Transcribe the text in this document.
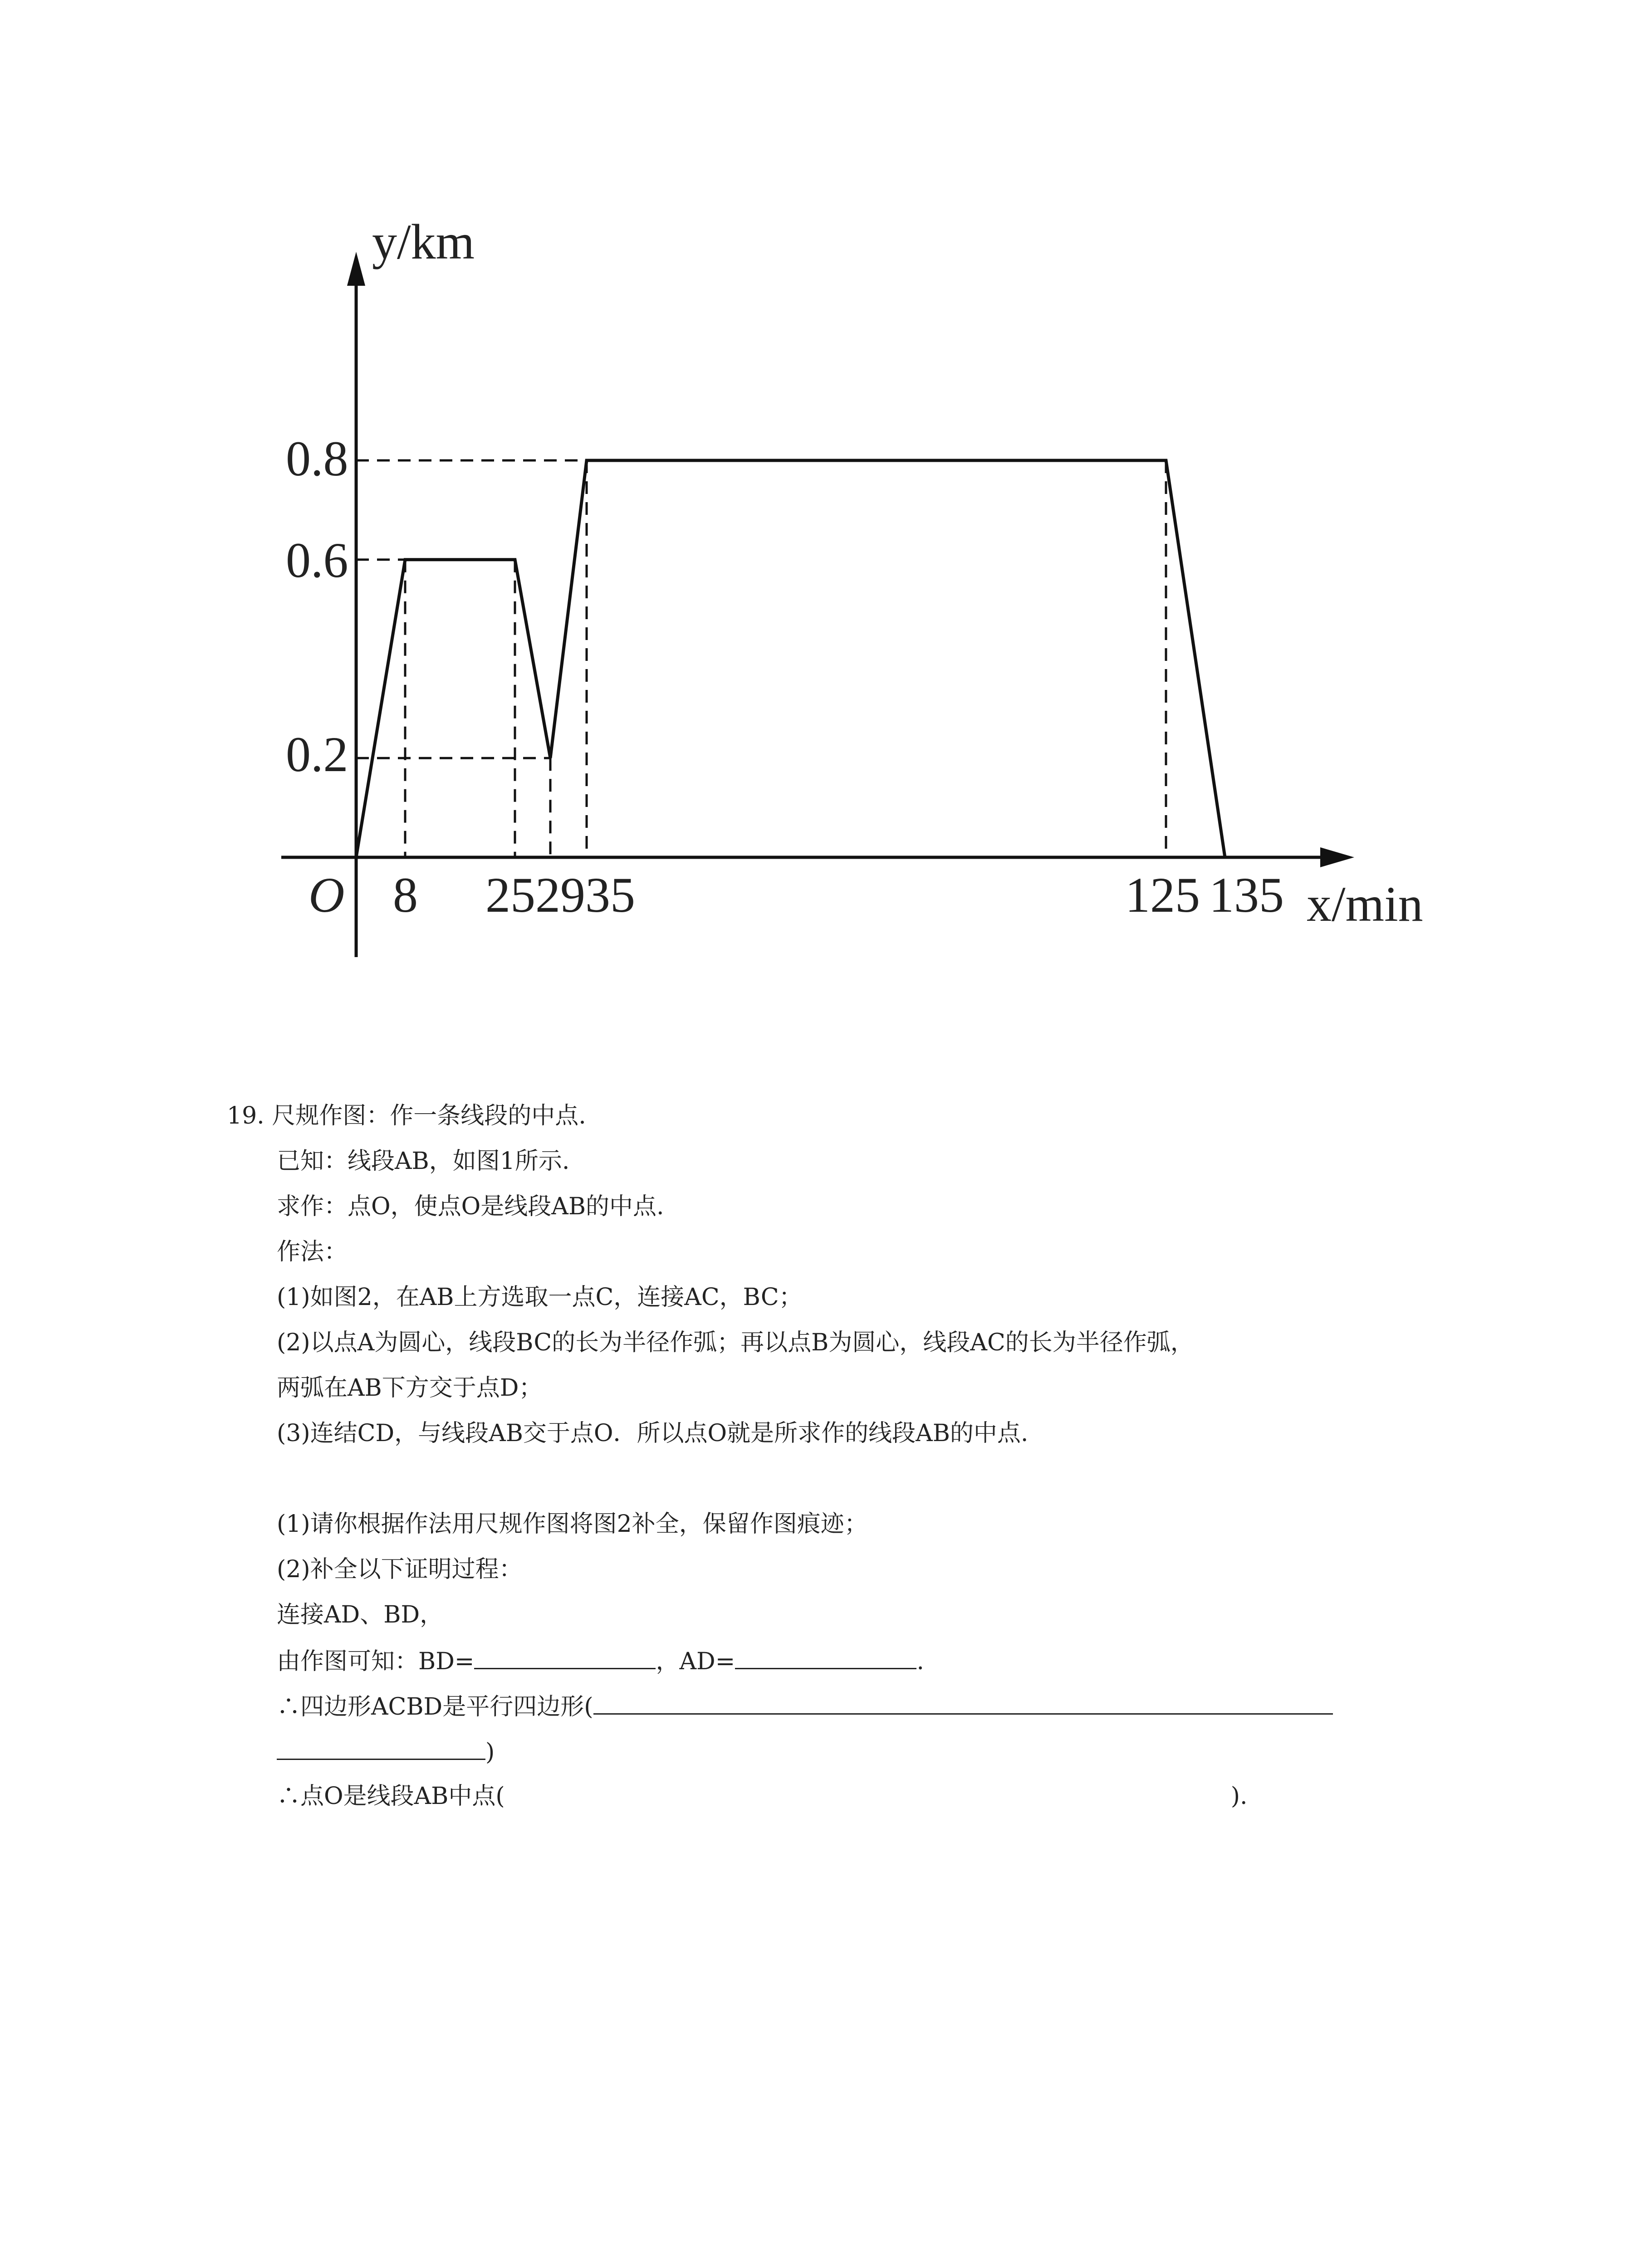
y/km
x/min
O
0.8
0.6
0.2
8 252935	125 135
19. 尺规作图：作一条线段的中点.
已知：线段AB，如图1所示.
求作：点O，使点O是线段AB的中点.
作法：
(1)如图2，在AB上方选取一点C，连接AC，BC；
(2)以点A为圆心，线段BC的长为半径作弧；再以点B为圆心，线段AC的长为半径作弧，
两弧在AB下方交于点D；
(3)连结CD，与线段AB交于点O．所以点O就是所求作的线段AB的中点.
(1)请你根据作法用尺规作图将图2补全，保留作图痕迹；
(2)补全以下证明过程：
连接AD、BD，
由作图可知：BD=	，AD=	.
∴四边形ACBD是平行四边形(
)
∴点O是线段AB中点(	).
